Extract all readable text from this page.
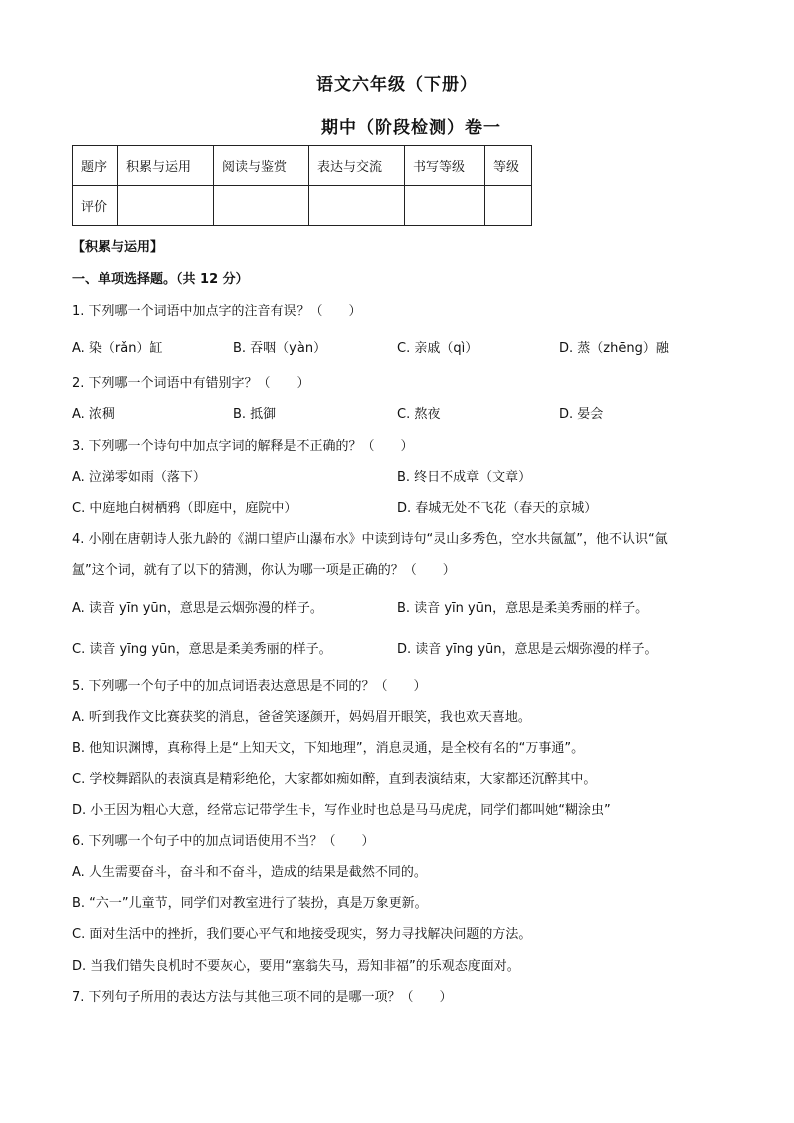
语文六年级（下册）
期中（阶段检测）卷一
题序	积累与运用	阅读与鉴赏	表达与交流	书写等级	等级
评价					
【积累与运用】
一、单项选择题。（共 12 分）
1. 下列哪一个词语中加点字的注音有误？（　　）
A. 染（rǎn）缸	B. 吞咽（yàn）	C. 亲戚（qì）	D. 蒸（zhēng）融
2. 下列哪一个词语中有错别字？（　　）
A. 浓稠	B. 抵御	C. 熬夜	D. 晏会
3. 下列哪一个诗句中加点字词的解释是不正确的？（　　）
A. 泣涕零如雨（落下）	B. 终日不成章（文章）
C. 中庭地白树栖鸦（即庭中，庭院中）	D. 春城无处不飞花（春天的京城）
4. 小刚在唐朝诗人张九龄的《湖口望庐山瀑布水》中读到诗句“灵山多秀色，空水共氤氲”，他不认识“氤
氲”这个词，就有了以下的猜测，你认为哪一项是正确的？（　　）
A. 读音 yīn yūn，意思是云烟弥漫的样子。	B. 读音 yīn yūn，意思是柔美秀丽的样子。
C. 读音 yīng yūn，意思是柔美秀丽的样子。	D. 读音 yīng yūn，意思是云烟弥漫的样子。
5. 下列哪一个句子中的加点词语表达意思是不同的？（　　）
A. 听到我作文比赛获奖的消息，爸爸笑逐颜开，妈妈眉开眼笑，我也欢天喜地。
B. 他知识渊博，真称得上是“上知天文，下知地理”，消息灵通，是全校有名的“万事通”。
C. 学校舞蹈队的表演真是精彩绝伦，大家都如痴如醉，直到表演结束，大家都还沉醉其中。
D. 小王因为粗心大意，经常忘记带学生卡，写作业时也总是马马虎虎，同学们都叫她“糊涂虫”
6. 下列哪一个句子中的加点词语使用不当？（　　）
A. 人生需要奋斗，奋斗和不奋斗，造成的结果是截然不同的。
B. “六一”儿童节，同学们对教室进行了装扮，真是万象更新。
C. 面对生活中的挫折，我们要心平气和地接受现实，努力寻找解决问题的方法。
D. 当我们错失良机时不要灰心，要用“塞翁失马，焉知非福”的乐观态度面对。
7. 下列句子所用的表达方法与其他三项不同的是哪一项？（　　）
